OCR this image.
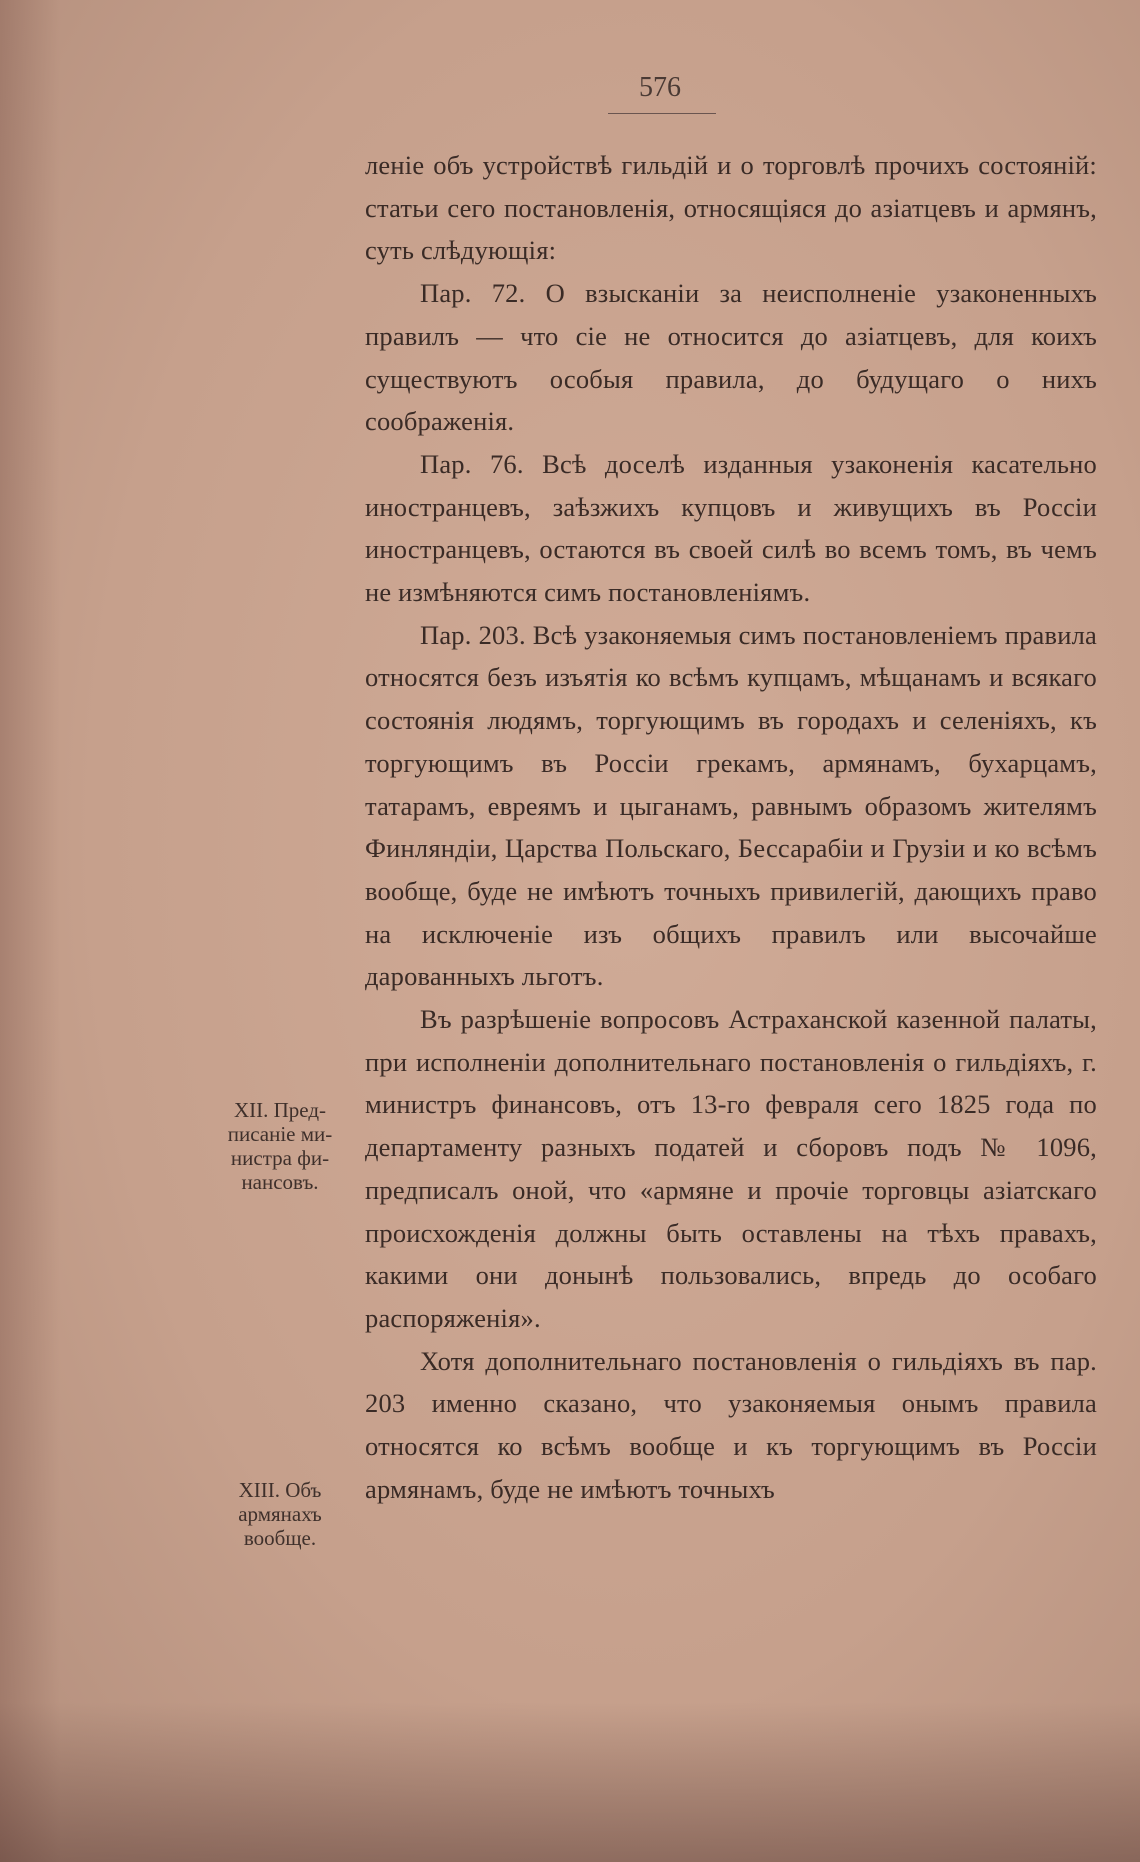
576

леніе объ устройствѣ гильдій и о торговлѣ прочихъ состояній: статьи сего постановленія, относящіяся до азіатцевъ и армянъ, суть слѣдующія:

Пар. 72. О взысканіи за неисполненіе узаконенныхъ правилъ — что сіе не относится до азіатцевъ, для коихъ существуютъ особыя правила, до будущаго о нихъ соображенія.

Пар. 76. Всѣ доселѣ изданныя узаконенія касательно иностранцевъ, заѣзжихъ купцовъ и живущихъ въ Россіи иностранцевъ, остаются въ своей силѣ во всемъ томъ, въ чемъ не измѣняются симъ постановленіямъ.

Пар. 203. Всѣ узаконяемыя симъ постановленіемъ правила относятся безъ изъятія ко всѣмъ купцамъ, мѣщанамъ и всякаго состоянія людямъ, торгующимъ въ городахъ и селеніяхъ, къ торгующимъ въ Россіи грекамъ, армянамъ, бухарцамъ, татарамъ, евреямъ и цыганамъ, равнымъ образомъ жителямъ Финляндіи, Царства Польскаго, Бессарабіи и Грузіи и ко всѣмъ вообще, буде не имѣютъ точныхъ привилегій, дающихъ право на исключеніе изъ общихъ правилъ или высочайше дарованныхъ льготъ.

Въ разрѣшеніе вопросовъ Астраханской казенной палаты, при исполненіи дополнительнаго постановленія о гильдіяхъ, г. министръ финансовъ, отъ 13-го февраля сего 1825 года по департаменту разныхъ податей и сборовъ подъ № 1096, предписалъ оной, что «армяне и прочіе торговцы азіатскаго происхожденія должны быть оставлены на тѣхъ правахъ, какими они донынѣ пользовались, впредь до особаго распоряженія».

Хотя дополнительнаго постановленія о гильдіяхъ въ пар. 203 именно сказано, что узаконяемыя онымъ правила относятся ко всѣмъ вообще и къ торгующимъ въ Россіи армянамъ, буде не имѣютъ точныхъ

XII. Пред-
писаніе ми-
нистра фи-
нансовъ.
XIII. Объ
армянахъ
вообще.
